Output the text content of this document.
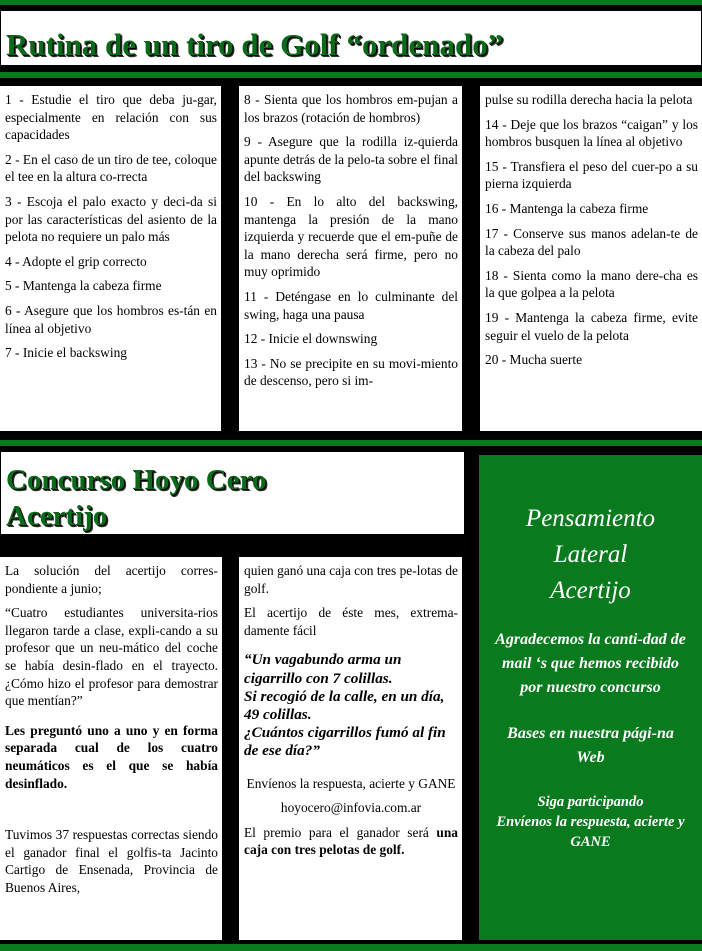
Rutina de un tiro de Golf “ordenado”

1 - Estudie el tiro que deba ju-gar, especialmente en relación con sus capacidades

2 - En el caso de un tiro de tee, coloque el tee en la altura co-rrecta

3 - Escoja el palo exacto y deci-da si por las características del asiento de la pelota no requiere un palo más

4 - Adopte el grip correcto

5 - Mantenga la cabeza firme

6 - Asegure que los hombros es-tán en línea al objetivo

7 - Inicie el backswing

8 - Sienta que los hombros em-pujan a los brazos (rotación de hombros)

9 - Asegure que la rodilla iz-quierda apunte detrás de la pelo-ta sobre el final del backswing

10 - En lo alto del backswing, mantenga la presión de la mano izquierda y recuerde que el em-puñe de la mano derecha será firme, pero no muy oprimido

11 - Deténgase en lo culminante del swing, haga una pausa

12 - Inicie el downswing

13 - No se precipite en su movi-miento de descenso, pero si im-

pulse su rodilla derecha hacia la pelota

14 - Deje que los brazos “caigan” y los hombros busquen la línea al objetivo

15 - Transfiera el peso del cuer-po a su pierna izquierda

16 - Mantenga la cabeza firme

17 - Conserve sus manos adelan-te de la cabeza del palo

18 - Sienta como la mano dere-cha es la que golpea a la pelota

19 - Mantenga la cabeza firme, evite seguir el vuelo de la pelota

20 - Mucha suerte

Concurso Hoyo Cero
Acertijo

La solución del acertijo corres-pondiente a junio;

“Cuatro estudiantes universita-rios llegaron tarde a clase, expli-cando a su profesor que un neu-mático del coche se había desin-flado en el trayecto. ¿Cómo hizo el profesor para demostrar que mentían?”

Les preguntó uno a uno y en forma separada cual de los cuatro neumáticos es el que se había desinflado.

Tuvimos 37 respuestas correctas siendo el ganador final el golfis-ta Jacinto Cartigo de Ensenada, Provincia de Buenos Aires,

quien ganó una caja con tres pe-lotas de golf.

El acertijo de éste mes, extrema-damente fácil

“Un vagabundo arma un cigarrillo con 7 colillas.
Si recogió de la calle, en un día, 49 colillas.
¿Cuántos cigarrillos fumó al fin de ese día?”

Envíenos la respuesta, acierte y GANE

hoyocero@infovia.com.ar

El premio para el ganador será una caja con tres pelotas de golf.

Pensamiento
Lateral
Acertijo
Agradecemos la canti-dad de mail ‘s que hemos recibido por nuestro concurso
Bases en nuestra pági-na Web
Siga participando
Envíenos la respuesta, acierte y GANE
